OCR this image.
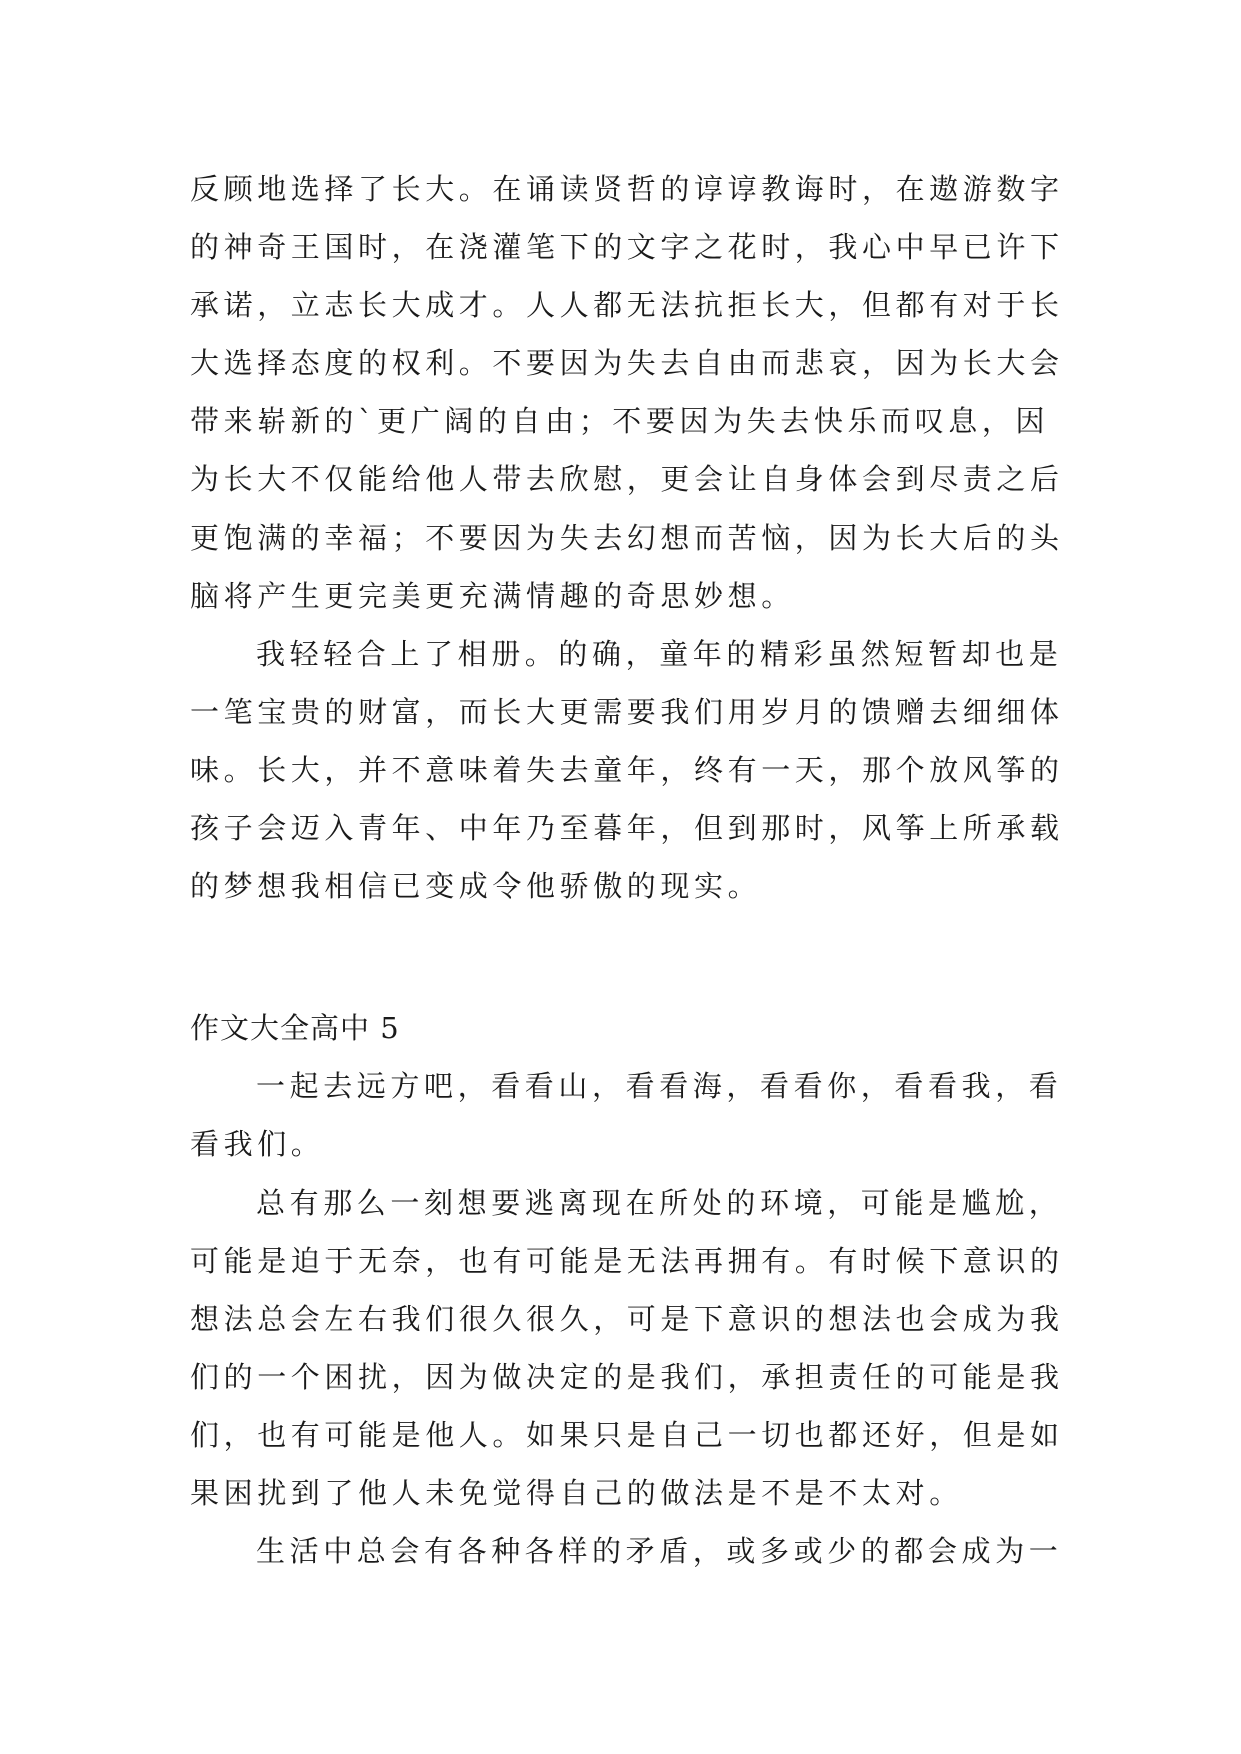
反顾地选择了长大。在诵读贤哲的谆谆教诲时，在遨游数字
的神奇王国时，在浇灌笔下的文字之花时，我心中早已许下
承诺，立志长大成才。人人都无法抗拒长大，但都有对于长
大选择态度的权利。不要因为失去自由而悲哀，因为长大会
带来崭新的`更广阔的自由；不要因为失去快乐而叹息，因
为长大不仅能给他人带去欣慰，更会让自身体会到尽责之后
更饱满的幸福；不要因为失去幻想而苦恼，因为长大后的头
脑将产生更完美更充满情趣的奇思妙想。
我轻轻合上了相册。的确，童年的精彩虽然短暂却也是
一笔宝贵的财富，而长大更需要我们用岁月的馈赠去细细体
味。长大，并不意味着失去童年，终有一天，那个放风筝的
孩子会迈入青年、中年乃至暮年，但到那时，风筝上所承载
的梦想我相信已变成令他骄傲的现实。
作文大全高中 5
一起去远方吧，看看山，看看海，看看你，看看我，看
看我们。
总有那么一刻想要逃离现在所处的环境，可能是尴尬，
可能是迫于无奈，也有可能是无法再拥有。有时候下意识的
想法总会左右我们很久很久，可是下意识的想法也会成为我
们的一个困扰，因为做决定的是我们，承担责任的可能是我
们，也有可能是他人。如果只是自己一切也都还好，但是如
果困扰到了他人未免觉得自己的做法是不是不太对。
生活中总会有各种各样的矛盾，或多或少的都会成为一
